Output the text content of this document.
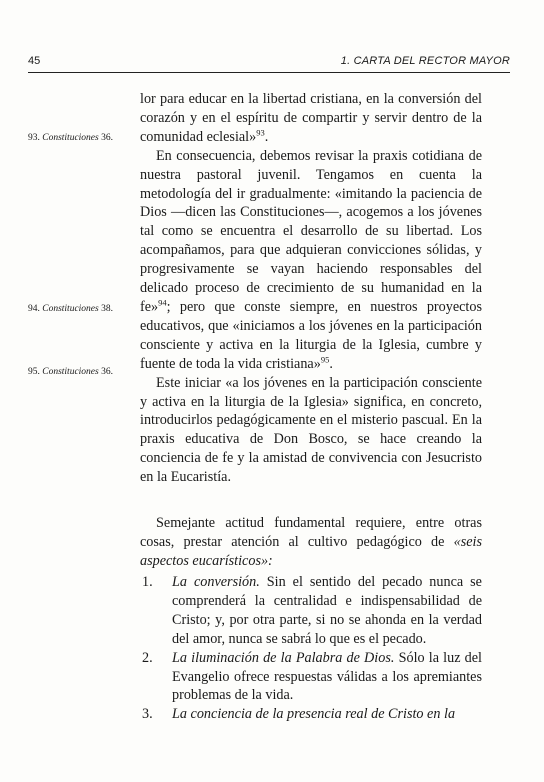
45	1. CARTA DEL RECTOR MAYOR
93. Constituciones 36.
94. Constituciones 38.
95. Constituciones 36.

lor para educar en la libertad cristiana, en la conversión del corazón y en el espíritu de compartir y servir dentro de la comunidad eclesial»$^{93}$.

En consecuencia, debemos revisar la praxis cotidiana de nuestra pastoral juvenil. Tengamos en cuenta la metodología del ir gradualmente: «imitando la paciencia de Dios —dicen las Constituciones—, acogemos a los jóvenes tal como se encuentra el desarrollo de su libertad. Los acompañamos, para que adquieran convicciones sólidas, y progresivamente se vayan haciendo responsables del delicado proceso de crecimiento de su humanidad en la fe»$^{94}$; pero que conste siempre, en nuestros proyectos educativos, que «iniciamos a los jóvenes en la participación consciente y activa en la liturgia de la Iglesia, cumbre y fuente de toda la vida cristiana»$^{95}$.

Este iniciar «a los jóvenes en la participación consciente y activa en la liturgia de la Iglesia» significa, en concreto, introducirlos pedagógicamente en el misterio pascual. En la praxis educativa de Don Bosco, se hace creando la conciencia de fe y la amistad de convivencia con Jesucristo en la Eucaristía.

Semejante actitud fundamental requiere, entre otras cosas, prestar atención al cultivo pedagógico de «seis aspectos eucarísticos»:

1. La conversión. Sin el sentido del pecado nunca se comprenderá la centralidad e indispensabilidad de Cristo; y, por otra parte, si no se ahonda en la verdad del amor, nunca se sabrá lo que es el pecado.
2. La iluminación de la Palabra de Dios. Sólo la luz del Evangelio ofrece respuestas válidas a los apremiantes problemas de la vida.
3. La conciencia de la presencia real de Cristo en la
